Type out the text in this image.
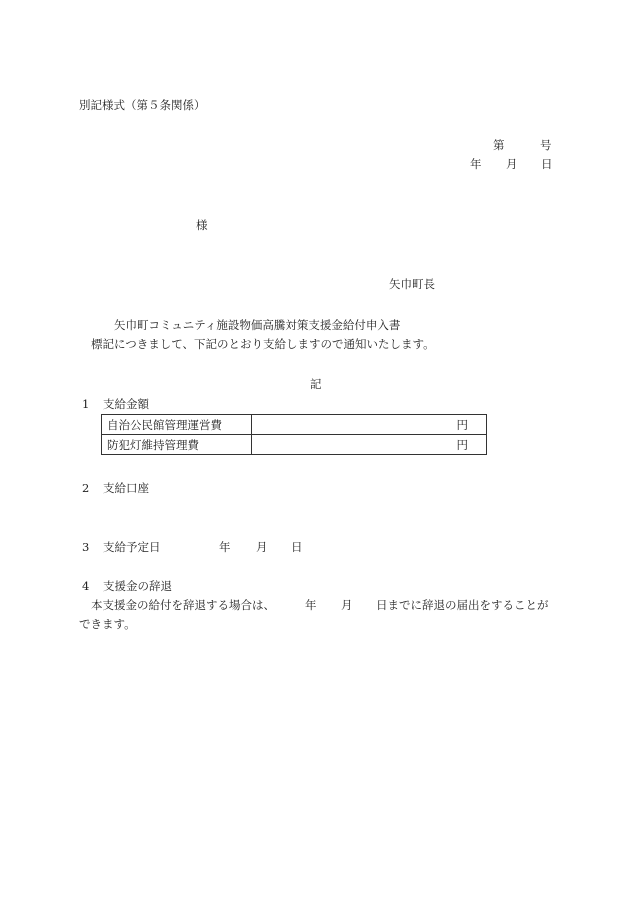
別記様式（第５条関係）
第	号
年 月 日
様
矢巾町長
矢巾町コミュニティ施設物価高騰対策支援金給付申入書
標記につきまして、下記のとおり支給しますので通知いたします。
記
1 支給金額
自治公民館管理運営費	円
防犯灯維持管理費	円
2 支給口座
3 支給予定日	年 月 日
4 支援金の辞退
本支援金の給付を辞退する場合は、	年 月 日までに辞退の届出をすることが
できます。
